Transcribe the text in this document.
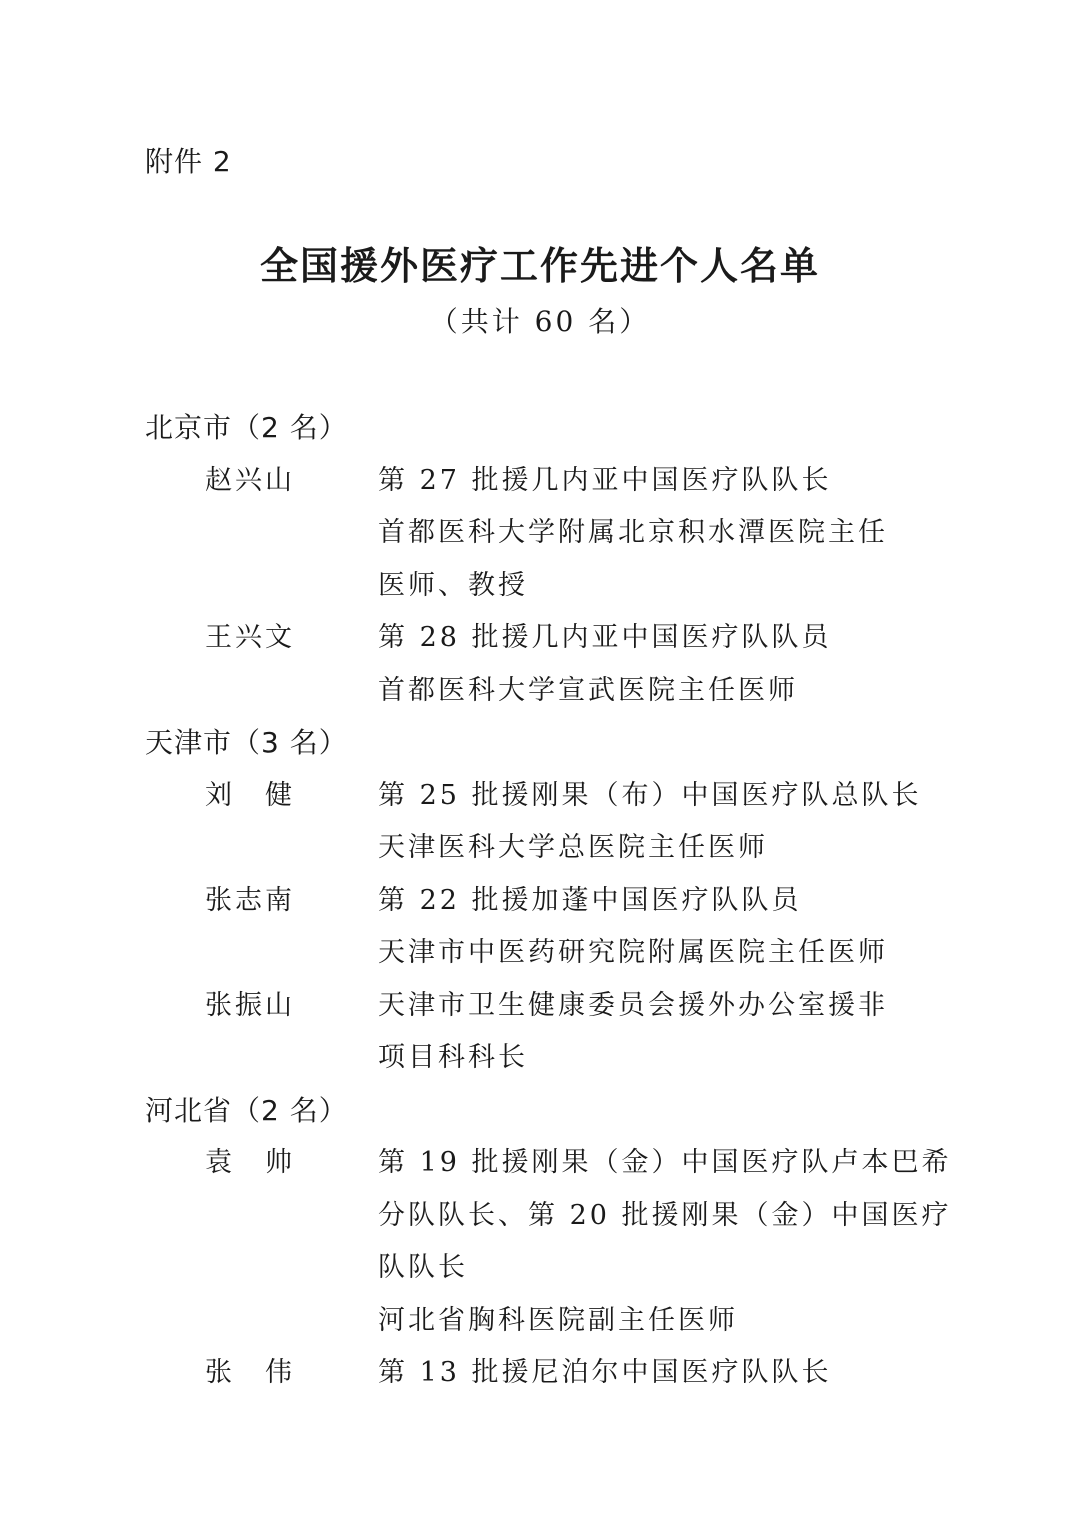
附件 2
全国援外医疗工作先进个人名单
（共计 60 名）
北京市（2 名）
赵兴山	第 27 批援几内亚中国医疗队队长
首都医科大学附属北京积水潭医院主任
医师、教授
王兴文	第 28 批援几内亚中国医疗队队员
首都医科大学宣武医院主任医师
天津市（3 名）
刘　健	第 25 批援刚果（布）中国医疗队总队长
天津医科大学总医院主任医师
张志南	第 22 批援加蓬中国医疗队队员
天津市中医药研究院附属医院主任医师
张振山	天津市卫生健康委员会援外办公室援非
项目科科长
河北省（2 名）
袁　帅	第 19 批援刚果（金）中国医疗队卢本巴希
分队队长、第 20 批援刚果（金）中国医疗
队队长
河北省胸科医院副主任医师
张　伟	第 13 批援尼泊尔中国医疗队队长
